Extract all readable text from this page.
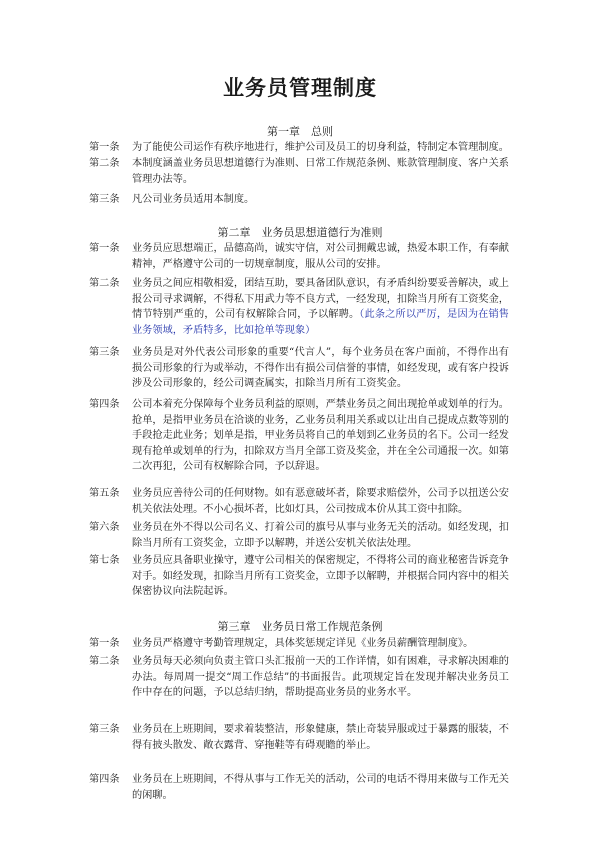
业务员管理制度
第一章　总则
第一条	为了能使公司运作有秩序地进行，维护公司及员工的切身利益，特制定本管理制度。
第二条	本制度涵盖业务员思想道德行为准则、日常工作规范条例、账款管理制度、客户关系管理办法等。
第三条	凡公司业务员适用本制度。
第二章　业务员思想道德行为准则
第一条	业务员应思想端正，品德高尚，诚实守信，对公司拥戴忠诚，热爱本职工作，有奉献精神，严格遵守公司的一切规章制度，服从公司的安排。
第二条	业务员之间应相敬相爱，团结互助，要具备团队意识，有矛盾纠纷要妥善解决，或上报公司寻求调解，不得私下用武力等不良方式，一经发现，扣除当月所有工资奖金，情节特别严重的，公司有权解除合同，予以解聘。（此条之所以严厉，是因为在销售业务领域，矛盾特多，比如抢单等现象）
第三条	业务员是对外代表公司形象的重要“代言人”，每个业务员在客户面前，不得作出有损公司形象的行为或举动，不得作出有损公司信誉的事情，如经发现，或有客户投诉涉及公司形象的，经公司调查属实，扣除当月所有工资奖金。
第四条	公司本着充分保障每个业务员利益的原则，严禁业务员之间出现抢单或划单的行为。抢单，是指甲业务员在洽谈的业务，乙业务员利用关系或以让出自己提成点数等别的手段抢走此业务；划单是指，甲业务员将自己的单划到乙业务员的名下。公司一经发现有抢单或划单的行为，扣除双方当月全部工资及奖金，并在全公司通报一次。如第二次再犯，公司有权解除合同，予以辞退。
第五条	业务员应善待公司的任何财物。如有恶意破坏者，除要求赔偿外，公司予以扭送公安机关依法处理。不小心损坏者，比如灯具，公司按成本价从其工资中扣除。
第六条	业务员在外不得以公司名义、打着公司的旗号从事与业务无关的活动。如经发现，扣除当月所有工资奖金，立即予以解聘，并送公安机关依法处理。
第七条	业务员应具备职业操守，遵守公司相关的保密规定，不得将公司的商业秘密告诉竞争对手。如经发现，扣除当月所有工资奖金，立即予以解聘，并根据合同内容中的相关保密协议向法院起诉。
第三章　业务员日常工作规范条例
第一条	业务员严格遵守考勤管理规定，具体奖惩规定详见《业务员薪酬管理制度》。
第二条	业务员每天必须向负责主管口头汇报前一天的工作详情，如有困难，寻求解决困难的办法。每周周一提交“周工作总结”的书面报告。此项规定旨在发现并解决业务员工作中存在的问题，予以总结归纳，帮助提高业务员的业务水平。
第三条	业务员在上班期间，要求着装整洁，形象健康，禁止奇装异服或过于暴露的服装，不得有披头散发、敞衣露背、穿拖鞋等有碍观瞻的举止。
第四条	业务员在上班期间，不得从事与工作无关的活动，公司的电话不得用来做与工作无关的闲聊。
